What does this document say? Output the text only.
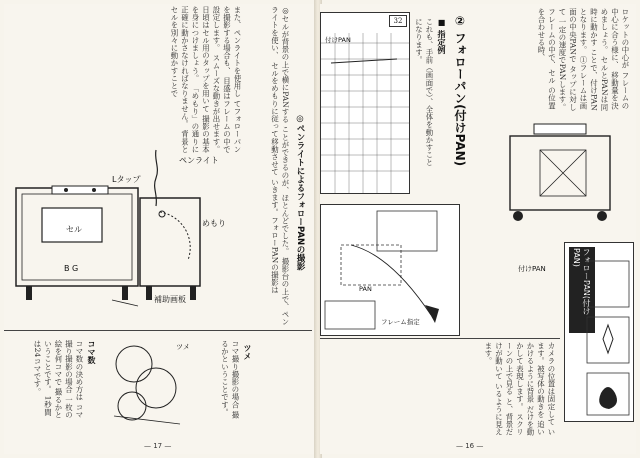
また、ペンライトを使用し てフォローパンを撮影する場合も、 目盛はフレームの中で設定します。 スムーズな動きが出せます。 日頃はセル用のタップを用いて 撮影の基本を身につけましょう。 「めもり」の通りに 正確に動かさなければなりません。 背景とセルを別々に動かすことで	◎セルが背景の上で横にPANする ことができるのが、ほとんどでした。 撮影台の上で、ペンライトを使い、 セルをめもりに従って移動させて いきます。フォローPANの撮影は	◎ペンライトによるフォローPANの撮影
ペンライト
Lタップ
セル
めもり
B G
補助画板
コマ数
コマ数の決め方は コマ撮り撮影の場合 一枚の絵を何コマで 撮るかということです。 1秒間は24コマです。	ツメ	ツメ
コマ撮り撮影の場合 撮るかということです。
— 17 —
32
付けPAN	② フォローパン(付けPAN)
■ 指定例
これも、手前（画面で）、全体を動かすことになります。	ロケットの中心が フレームの中心に合う様に、 移動量を決めましょう。 セルとPANは同時に動かす ことで、付けPANとなります。 ①フレームは画面の中央PANで タップに対して 一定の速度でPANします。 フレームの中で、セル の位置を合わせる時、
PAN
フレーム指定
フォローPAN(付けPAN)
カメラの位置は固定して います。被写体の動きを 追いかけるように背景 だけを動かして表現します。 スクリーンの上で見る と、背景だけが動いて いるように見えます。
付けPAN
— 16 —
